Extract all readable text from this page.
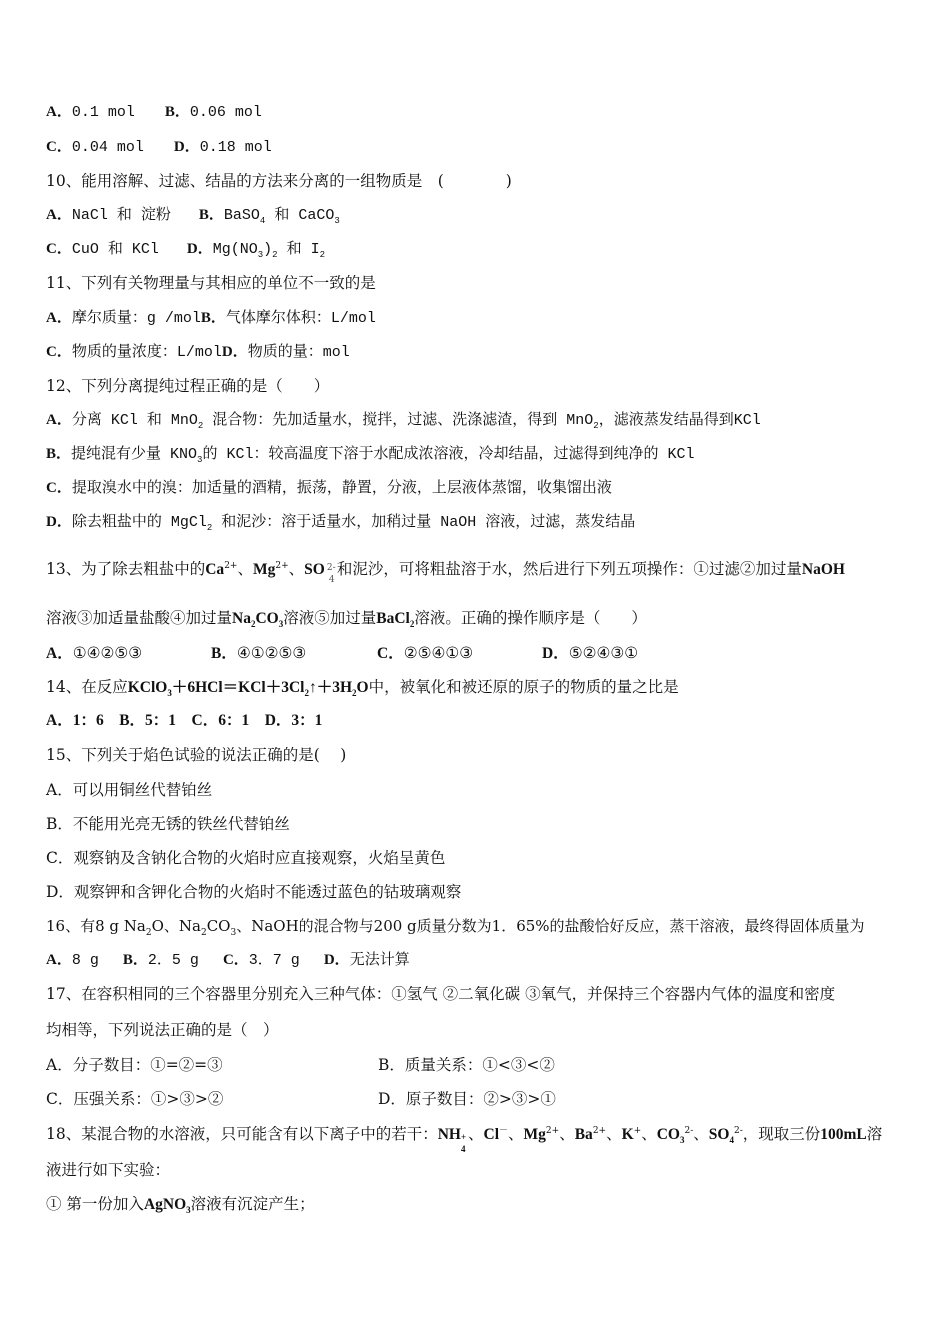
A．0.1 mol B．0.06 mol
C．0.04 mol D．0.18 mol
10、能用溶解、过滤、结晶的方法来分离的一组物质是　(　　　　)
A．NaCl 和 淀粉 B．BaSO$_4$ 和 CaCO$_3$
C．CuO 和 KCl D．$Mg(NO_3)_2$ 和 $I_2$
11、下列有关物理量与其相应的单位不一致的是
A．摩尔质量：g /molB．气体摩尔体积：L/mol
C．物质的量浓度：L/molD．物质的量：mol
12、下列分离提纯过程正确的是（　　）
A．分离 KCl 和 MnO$_2$ 混合物：先加适量水，搅拌，过滤、洗涤滤渣，得到 MnO$_2$，滤液蒸发结晶得到KCl
B．提纯混有少量 $KNO_3$的 KCl：较高温度下溶于水配成浓溶液，冷却结晶，过滤得到纯净的 KCl
C．提取溴水中的溴：加适量的酒精，振荡，静置，分液，上层液体蒸馏，收集馏出液
D．除去粗盐中的 MgCl$_2$ 和泥沙：溶于适量水，加稍过量 NaOH 溶液，过滤，蒸发结晶
13、为了除去粗盐中的$Ca^{2+}$、$Mg^{2+}$、SO 2-
4
和泥沙，可将粗盐溶于水，然后进行下列五项操作：①过滤②加过量NaOH
溶液③加适量盐酸④加过量$Na_2CO_3$溶液⑤加过量BaCl$_2$溶液。正确的操作顺序是（　　）
A．①④②⑤③	B．④①②⑤③	C．②⑤④①③	D．⑤②④③①
14、在反应$KClO_3+6HCl=KCl+3Cl_2↑+3H_2O$中，被氧化和被还原的原子的物质的量之比是
A．1：6　B．5：1　C．6：1　D．3：1
15、下列关于焰色试验的说法正确的是(　 )
A．可以用铜丝代替铂丝
B．不能用光亮无锈的铁丝代替铂丝
C．观察钠及含钠化合物的火焰时应直接观察，火焰呈黄色
D．观察钾和含钾化合物的火焰时不能透过蓝色的钴玻璃观察
16、有8 g $Na_2O$、$Na_2CO_3$、NaOH的混合物与200 g质量分数为1．65%的盐酸恰好反应，蒸干溶液，最终得固体质量为
A．8 g B．2．5 g C．3．7 g D．无法计算
17、在容积相同的三个容器里分别充入三种气体：①氢气 ②二氧化碳 ③氧气，并保持三个容器内气体的温度和密度
均相等，下列说法正确的是（　）
A．分子数目：①=②=③	B．质量关系：①<③<②
C．压强关系：①>③>②	D．原子数目：②>③>①
18、某混合物的水溶液，只可能含有以下离子中的若干：NH +
4
、Cl－、$Mg^{2+}$、$Ba^{2+}$、K+、$CO_3^{2-}$、$SO_4^{2-}$，现取三份100mL溶
液进行如下实验：
① 第一份加入AgNO$_3$溶液有沉淀产生；
